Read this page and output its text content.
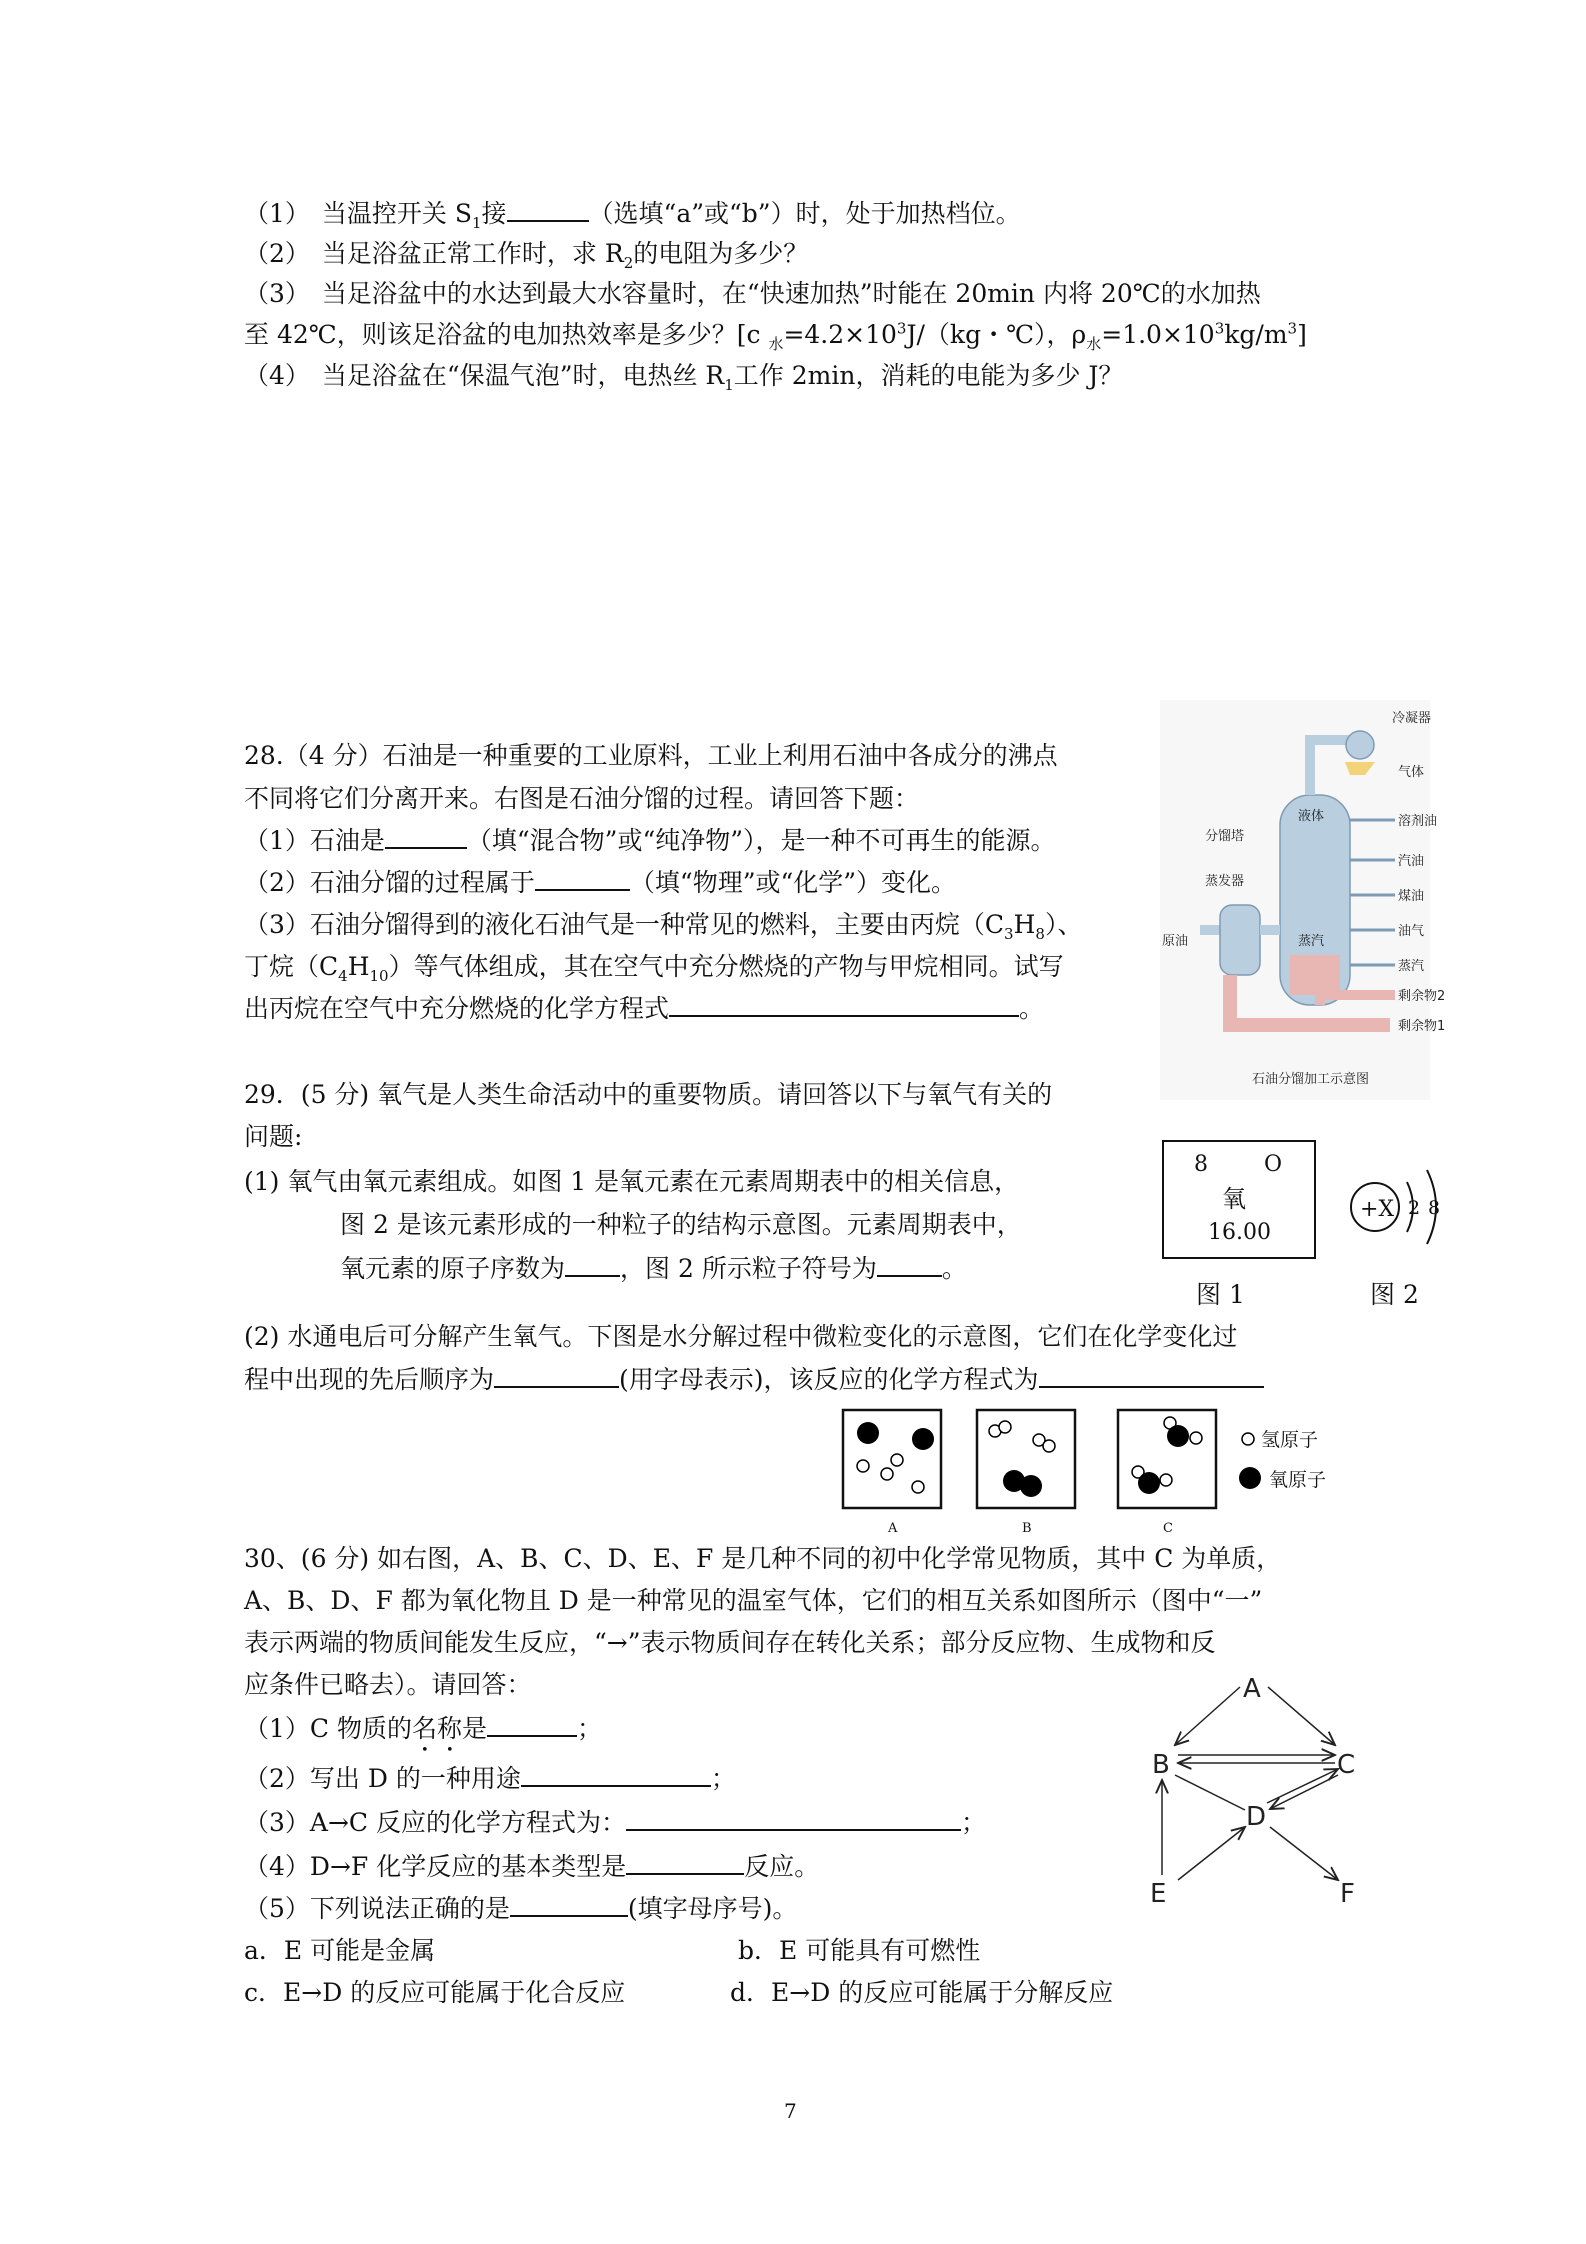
（1） 当温控开关 $S_1$接	（选填“a”或“b”）时，处于加热档位。
（2） 当足浴盆正常工作时，求 $R_2$的电阻为多少？
（3） 当足浴盆中的水达到最大水容量时，在“快速加热”时能在 20min 内将 20℃的水加热
至 42℃，则该足浴盆的电加热效率是多少？[c $_水=4.2\times 10^3J/(kg$・℃），$\rho_水=1.0\times 10^3kg/m^3$]
（4） 当足浴盆在“保温气泡”时，电热丝 $R_1$工作 2min，消耗的电能为多少 J？
28.（4 分）石油是一种重要的工业原料，工业上利用石油中各成分的沸点
不同将它们分离开来。右图是石油分馏的过程。请回答下题：
（1）石油是	（填“混合物”或“纯净物”），是一种不可再生的能源。
（2）石油分馏的过程属于	（填“物理”或“化学”）变化。
（3）石油分馏得到的液化石油气是一种常见的燃料，主要由丙烷$(C_3H_8)$、
丁烷$(C_4H_{10})$等气体组成，其在空气中充分燃烧的产物与甲烷相同。试写
出丙烷在空气中充分燃烧的化学方程式	。
冷凝器
气体
溶剂油
汽油
煤油
油气
蒸汽
剩余物2
剩余物1
分馏塔
蒸发器
原油
液体
蒸汽
石油分馏加工示意图
29．(5 分) 氧气是人类生命活动中的重要物质。请回答以下与氧气有关的
问题:
(1) 氧气由氧元素组成。如图 1 是氧元素在元素周期表中的相关信息，
图 2 是该元素形成的一种粒子的结构示意图。元素周期表中，
氧元素的原子序数为 ，图 2 所示粒子符号为	。
(2) 水通电后可分解产生氧气。下图是水分解过程中微粒变化的示意图，它们在化学变化过
程中出现的先后顺序为	(用字母表示)，该反应的化学方程式为
8	O
氧
16.00
图 1
+X 2 8
图 2
氢原子
氧原子
A	B	C
30、(6 分) 如右图，A、B、C、D、E、F 是几种不同的初中化学常见物质，其中 C 为单质，
A、B、D、F 都为氧化物且 D 是一种常见的温室气体，它们的相互关系如图所示（图中“一”
表示两端的物质间能发生反应，“→”表示物质间存在转化关系；部分反应物、生成物和反
应条件已略去）。请回答：
（1）C 物质的名称是	；
（2）写出 D 的一种用途	；
（3）A→C 反应的化学方程式为：	；
（4）D→F 化学反应的基本类型是	反应。
（5）下列说法正确的是	(填字母序号)。
a．E 可能是金属	b．E 可能具有可燃性
c．E→D 的反应可能属于化合反应	d．E→D 的反应可能属于分解反应
A
B	C
D
E	F
7
